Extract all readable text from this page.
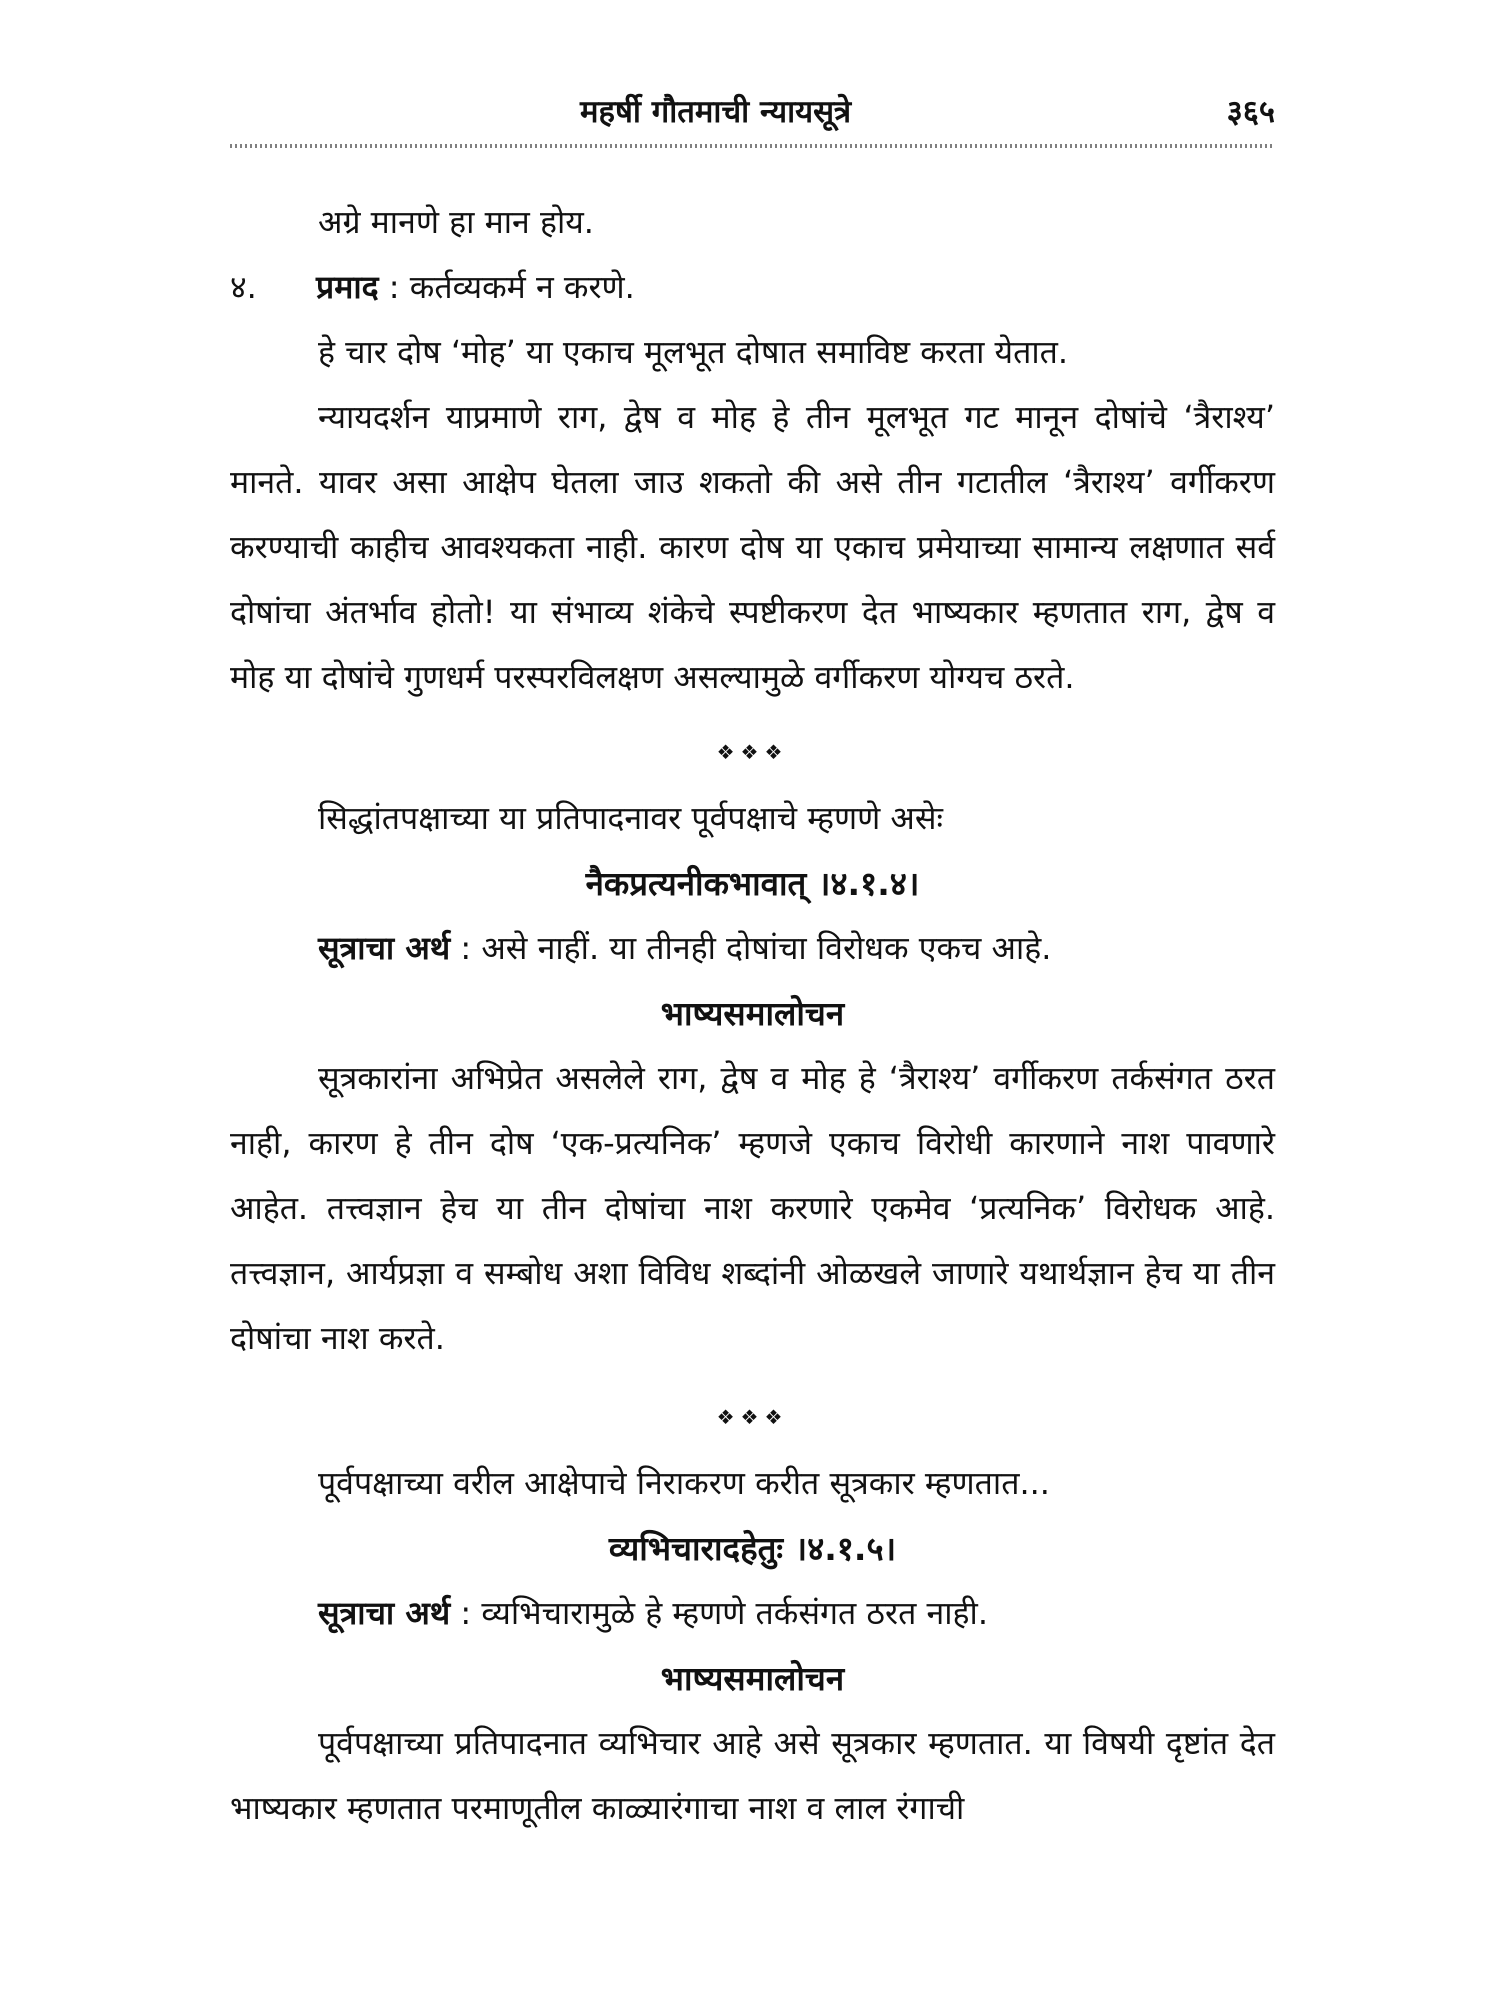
महर्षी गौतमाची न्यायसूत्रे	३६५

अग्रे मानणे हा मान होय.

४. प्रमाद : कर्तव्यकर्म न करणे.

हे चार दोष ‘मोह’ या एकाच मूलभूत दोषात समाविष्ट करता येतात.

न्यायदर्शन याप्रमाणे राग, द्वेष व मोह हे तीन मूलभूत गट मानून दोषांचे ‘त्रैराश्य’ मानते. यावर असा आक्षेप घेतला जाउ शकतो की असे तीन गटातील ‘त्रैराश्य’ वर्गीकरण करण्याची काहीच आवश्यकता नाही. कारण दोष या एकाच प्रमेयाच्या सामान्य लक्षणात सर्व दोषांचा अंतर्भाव होतो! या संभाव्य शंकेचे स्पष्टीकरण देत भाष्यकार म्हणतात राग, द्वेष व मोह या दोषांचे गुणधर्म परस्परविलक्षण असल्यामुळे वर्गीकरण योग्यच ठरते.

❖❖❖

सिद्धांतपक्षाच्या या प्रतिपादनावर पूर्वपक्षाचे म्हणणे असेः

नैकप्रत्यनीकभावात् ।४.१.४।

सूत्राचा अर्थ : असे नाहीं. या तीनही दोषांचा विरोधक एकच आहे.

भाष्यसमालोचन

सूत्रकारांना अभिप्रेत असलेले राग, द्वेष व मोह हे ‘त्रैराश्य’ वर्गीकरण तर्कसंगत ठरत नाही, कारण हे तीन दोष ‘एक-प्रत्यनिक’ म्हणजे एकाच विरोधी कारणाने नाश पावणारे आहेत. तत्त्वज्ञान हेच या तीन दोषांचा नाश करणारे एकमेव ‘प्रत्यनिक’ विरोधक आहे. तत्त्वज्ञान, आर्यप्रज्ञा व सम्बोध अशा विविध शब्दांनी ओळखले जाणारे यथार्थज्ञान हेच या तीन दोषांचा नाश करते.

❖❖❖

पूर्वपक्षाच्या वरील आक्षेपाचे निराकरण करीत सूत्रकार म्हणतात...

व्यभिचारादहेतुः ।४.१.५।

सूत्राचा अर्थ : व्यभिचारामुळे हे म्हणणे तर्कसंगत ठरत नाही.

भाष्यसमालोचन

पूर्वपक्षाच्या प्रतिपादनात व्यभिचार आहे असे सूत्रकार म्हणतात. या विषयी दृष्टांत देत भाष्यकार म्हणतात परमाणूतील काळ्यारंगाचा नाश व लाल रंगाची
